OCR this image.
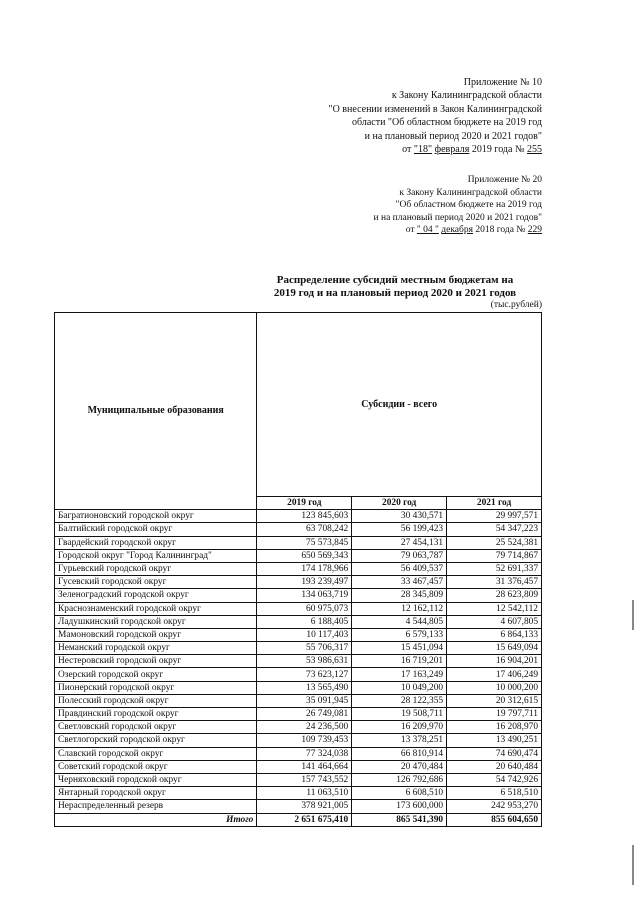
Приложение № 10
к Закону Калининградской области
"О внесении изменений в Закон Калининградской
области "Об областном бюджете на 2019 год
и на плановый период 2020 и 2021 годов"
от "18" февраля 2019 года № 255
Приложение № 20
к Закону Калининградской области
"Об областном бюджете на 2019 год
и на плановый период 2020 и 2021 годов"
от " 04 " декабря 2018 года № 229
Распределение субсидий местным бюджетам на
2019 год и на плановый период 2020 и 2021 годов
(тыс.рублей)
Муниципальные образования	Субсидии - всего		
	2019 год	2020 год	2021 год
Багратионовский городской округ	123 845,603	30 430,571	29 997,571
Балтийский городской округ	63 708,242	56 199,423	54 347,223
Гвардейский городской округ	75 573,845	27 454,131	25 524,381
Городской округ "Город Калининград"	650 569,343	79 063,787	79 714,867
Гурьевский городской округ	174 178,966	56 409,537	52 691,337
Гусевский городской округ	193 239,497	33 467,457	31 376,457
Зеленоградский городской округ	134 063,719	28 345,809	28 623,809
Краснознаменский городской округ	60 975,073	12 162,112	12 542,112
Ладушкинский городской округ	6 188,405	4 544,805	4 607,805
Мамоновский городской округ	10 117,403	6 579,133	6 864,133
Неманский городской округ	55 706,317	15 451,094	15 649,094
Нестеровский городской округ	53 986,631	16 719,201	16 904,201
Озерский городской округ	73 623,127	17 163,249	17 406,249
Пионерский городской округ	13 565,490	10 049,200	10 000,200
Полесский городской округ	35 091,945	28 122,355	20 312,615
Правдинский городской округ	26 749,081	19 508,711	19 797,711
Светловский городской округ	24 236,500	16 209,970	16 208,970
Светлогорский городской округ	109 739,453	13 378,251	13 490,251
Славский городской округ	77 324,038	66 810,914	74 690,474
Советский городской округ	141 464,664	20 470,484	20 640,484
Черняховский городской округ	157 743,552	126 792,686	54 742,926
Янтарный городской округ	11 063,510	6 608,510	6 518,510
Нераспределенный резерв	378 921,005	173 600,000	242 953,270
Итого	2 651 675,410	865 541,390	855 604,650
